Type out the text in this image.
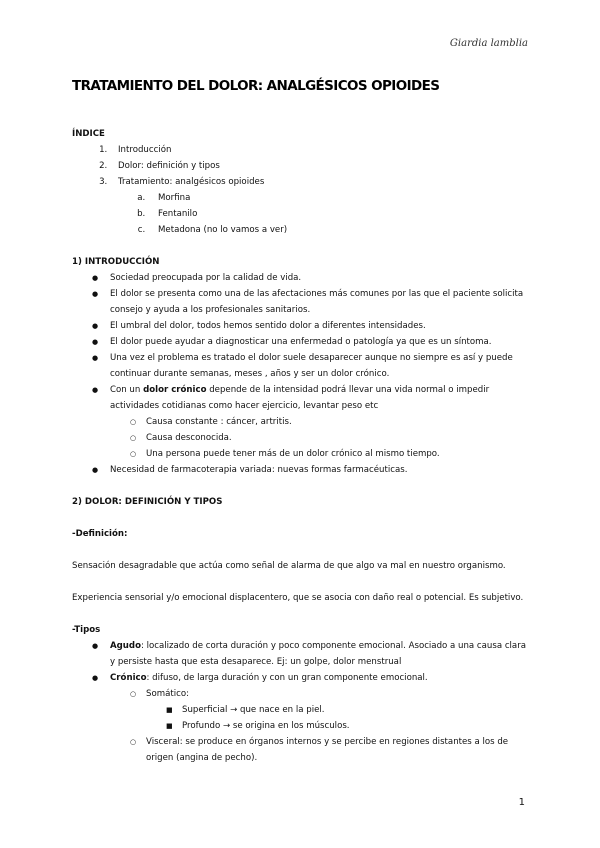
Giardia lamblia
TRATAMIENTO DEL DOLOR: ANALGÉSICOS OPIOIDES

ÍNDICE

1. Introducción
2. Dolor: definición y tipos
3. Tratamiento: analgésicos opioides
a. Morfina
b. Fentanilo
c. Metadona (no lo vamos a ver)

1) INTRODUCCIÓN

● Sociedad preocupada por la calidad de vida.
● El dolor se presenta como una de las afectaciones más comunes por las que el paciente solicita consejo y ayuda a los profesionales sanitarios.
● El umbral del dolor, todos hemos sentido dolor a diferentes intensidades.
● El dolor puede ayudar a diagnosticar una enfermedad o patología ya que es un síntoma.
● Una vez el problema es tratado el dolor suele desaparecer aunque no siempre es así y puede continuar durante semanas, meses , años y ser un dolor crónico.
● Con un dolor crónico depende de la intensidad podrá llevar una vida normal o impedir actividades cotidianas como hacer ejercicio, levantar peso etc
○ Causa constante : cáncer, artritis.
○ Causa desconocida.
○ Una persona puede tener más de un dolor crónico al mismo tiempo.
● Necesidad de farmacoterapia variada: nuevas formas farmacéuticas.

2) DOLOR: DEFINICIÓN Y TIPOS

-Definición:

Sensación desagradable que actúa como señal de alarma de que algo va mal en nuestro organismo.

Experiencia sensorial y/o emocional displacentero, que se asocia con daño real o potencial. Es subjetivo.

-Tipos

● Agudo: localizado de corta duración y poco componente emocional. Asociado a una causa clara y persiste hasta que esta desaparece. Ej: un golpe, dolor menstrual
● Crónico: difuso, de larga duración y con un gran componente emocional.
○ Somático:
■ Superficial → que nace en la piel.
■ Profundo → se origina en los músculos.
○ Visceral: se produce en órganos internos y se percibe en regiones distantes a los de origen (angina de pecho).
1
